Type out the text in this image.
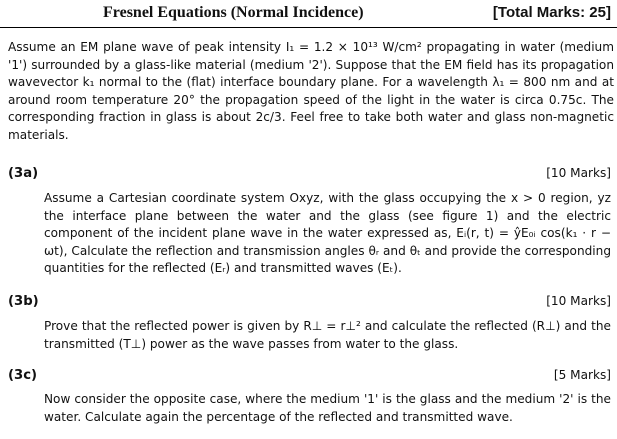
Fresnel Equations (Normal Incidence)	[Total Marks: 25]
Assume an EM plane wave of peak intensity I₁ = 1.2 × 10¹³ W/cm² propagating in water (medium '1') surrounded by a glass-like material (medium '2'). Suppose that the EM field has its propagation wavevector k₁ normal to the (flat) interface boundary plane. For a wavelength λ₁ = 800 nm and at around room temperature 20° the propagation speed of the light in the water is circa 0.75c. The corresponding fraction in glass is about 2c/3. Feel free to take both water and glass non-magnetic materials.
(3a)	[10 Marks]
Assume a Cartesian coordinate system Oxyz, with the glass occupying the x > 0 region, yz the interface plane between the water and the glass (see figure 1) and the electric component of the incident plane wave in the water expressed as, Eᵢ(r, t) = ŷE₀ᵢ cos(k₁ · r − ωt), Calculate the reflection and transmission angles θᵣ and θₜ and provide the corresponding quantities for the reflected (Eᵣ) and transmitted waves (Eₜ).
(3b)	[10 Marks]
Prove that the reflected power is given by R⊥ = r⊥² and calculate the reflected (R⊥) and the transmitted (T⊥) power as the wave passes from water to the glass.
(3c)	[5 Marks]
Now consider the opposite case, where the medium '1' is the glass and the medium '2' is the water. Calculate again the percentage of the reflected and transmitted wave.
